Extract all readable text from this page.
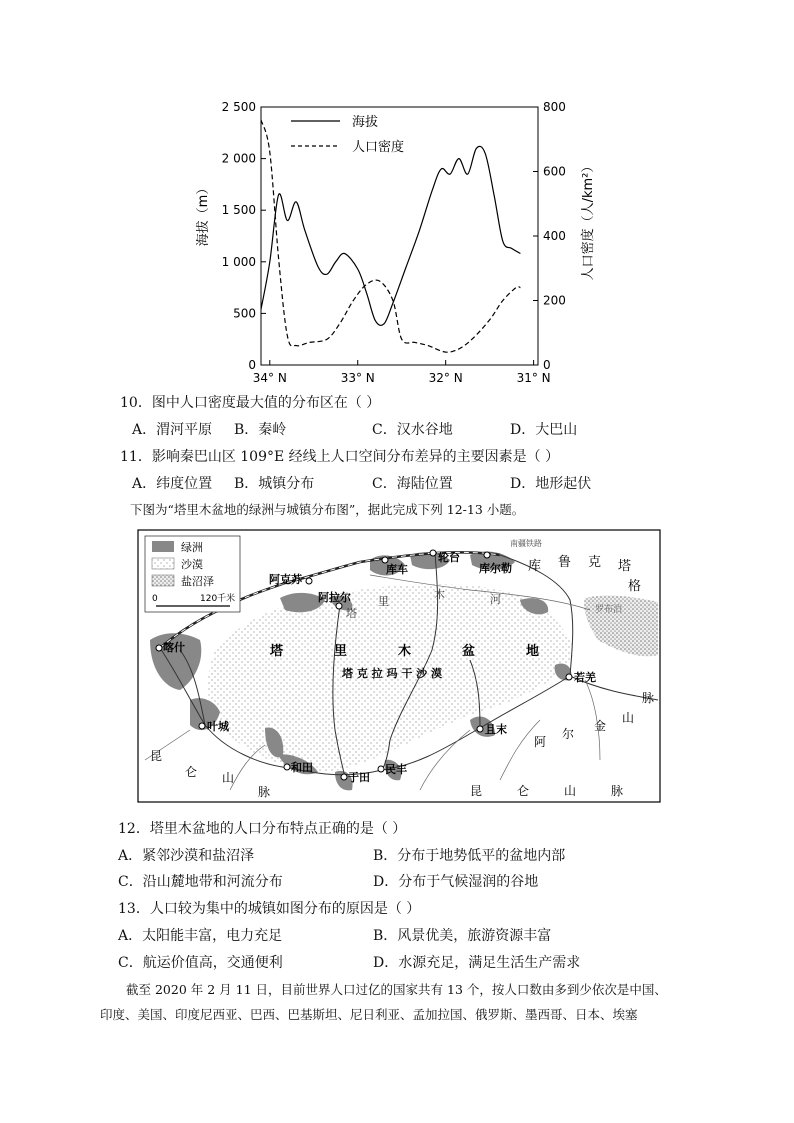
2 500
2 000
1 500
1 000
500
0
800
600
400
200
0
34° N	33° N	32° N	31° N
海拔
人口密度
海拔（m）	人口密度（人/km²）
10．图中人口密度最大值的分布区在（ ）
A．渭河平原 B．秦岭	C．汉水谷地	D．大巴山
11．影响秦巴山区 109°E 经线上人口空间分布差异的主要因素是（ ）
A．纬度位置 B．城镇分布	C．海陆位置	D．地形起伏
下图为“塔里木盆地的绿洲与城镇分布图”，据此完成下列 12-13 小题。
绿洲
沙漠
盐沼泽
0	120千米
塔	里	木	盆	地
塔 克 拉 玛 干 沙 漠
塔
里
木	河
罗布泊
南疆铁路
库 鲁 克 塔
格
昆
仑 山
脉	昆	仑	山	脉
阿
尔
金
山
脉
阿克苏
库车
轮台
库尔勒
阿拉尔
喀什
叶城
和田
于田
民丰
且末
若羌
12．塔里木盆地的人口分布特点正确的是（ ）
A．紧邻沙漠和盐沼泽	B．分布于地势低平的盆地内部
C．沿山麓地带和河流分布	D．分布于气候湿润的谷地
13．人口较为集中的城镇如图分布的原因是（ ）
A．太阳能丰富，电力充足	B．风景优美，旅游资源丰富
C．航运价值高，交通便利	D．水源充足，满足生活生产需求
截至 2020 年 2 月 11 日，目前世界人口过亿的国家共有 13 个，按人口数由多到少依次是中国、
印度、美国、印度尼西亚、巴西、巴基斯坦、尼日利亚、孟加拉国、俄罗斯、墨西哥、日本、埃塞
